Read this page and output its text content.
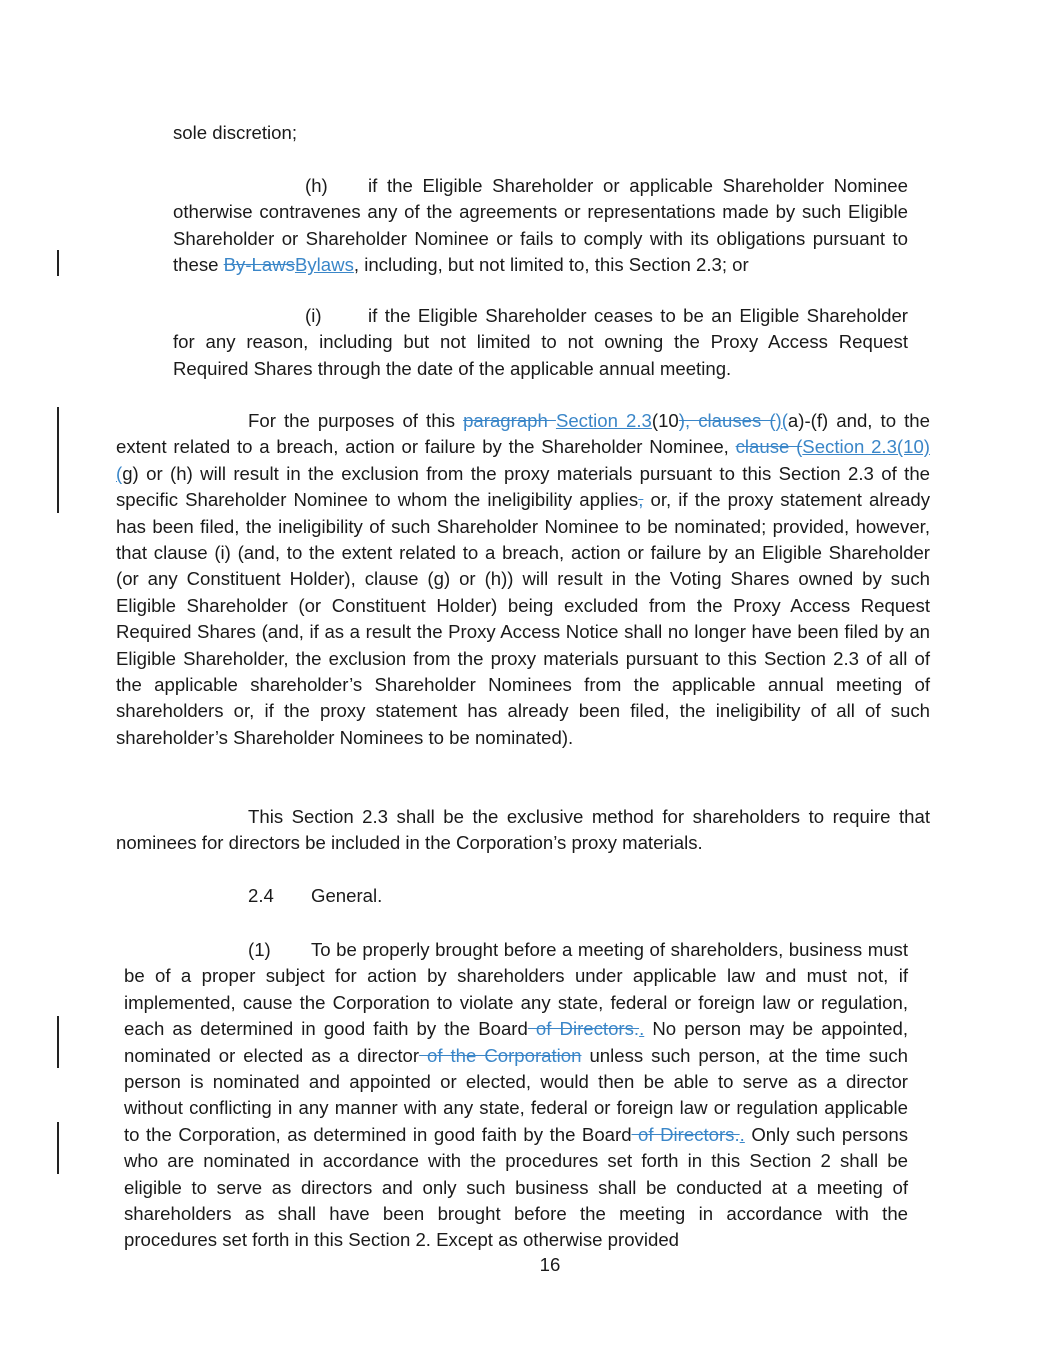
sole discretion;
(h) if the Eligible Shareholder or applicable Shareholder Nominee otherwise contravenes any of the agreements or representations made by such Eligible Shareholder or Shareholder Nominee or fails to comply with its obligations pursuant to these By-LawsBylaws, including, but not limited to, this Section 2.3; or
(i) if the Eligible Shareholder ceases to be an Eligible Shareholder for any reason, including but not limited to not owning the Proxy Access Request Required Shares through the date of the applicable annual meeting.
For the purposes of this paragraph Section 2.3(10), clauses ()(a)-(f) and, to the extent related to a breach, action or failure by the Shareholder Nominee, clause (Section 2.3(10)(g) or (h) will result in the exclusion from the proxy materials pursuant to this Section 2.3 of the specific Shareholder Nominee to whom the ineligibility applies, or, if the proxy statement already has been filed, the ineligibility of such Shareholder Nominee to be nominated; provided, however, that clause (i) (and, to the extent related to a breach, action or failure by an Eligible Shareholder (or any Constituent Holder), clause (g) or (h)) will result in the Voting Shares owned by such Eligible Shareholder (or Constituent Holder) being excluded from the Proxy Access Request Required Shares (and, if as a result the Proxy Access Notice shall no longer have been filed by an Eligible Shareholder, the exclusion from the proxy materials pursuant to this Section 2.3 of all of the applicable shareholder’s Shareholder Nominees from the applicable annual meeting of shareholders or, if the proxy statement has already been filed, the ineligibility of all of such shareholder’s Shareholder Nominees to be nominated).
This Section 2.3 shall be the exclusive method for shareholders to require that nominees for directors be included in the Corporation’s proxy materials.
2.4 General.
(1) To be properly brought before a meeting of shareholders, business must be of a proper subject for action by shareholders under applicable law and must not, if implemented, cause the Corporation to violate any state, federal or foreign law or regulation, each as determined in good faith by the Board of Directors.. No person may be appointed, nominated or elected as a director of the Corporation unless such person, at the time such person is nominated and appointed or elected, would then be able to serve as a director without conflicting in any manner with any state, federal or foreign law or regulation applicable to the Corporation, as determined in good faith by the Board of Directors.. Only such persons who are nominated in accordance with the procedures set forth in this Section 2 shall be eligible to serve as directors and only such business shall be conducted at a meeting of shareholders as shall have been brought before the meeting in accordance with the procedures set forth in this Section 2. Except as otherwise provided
16
